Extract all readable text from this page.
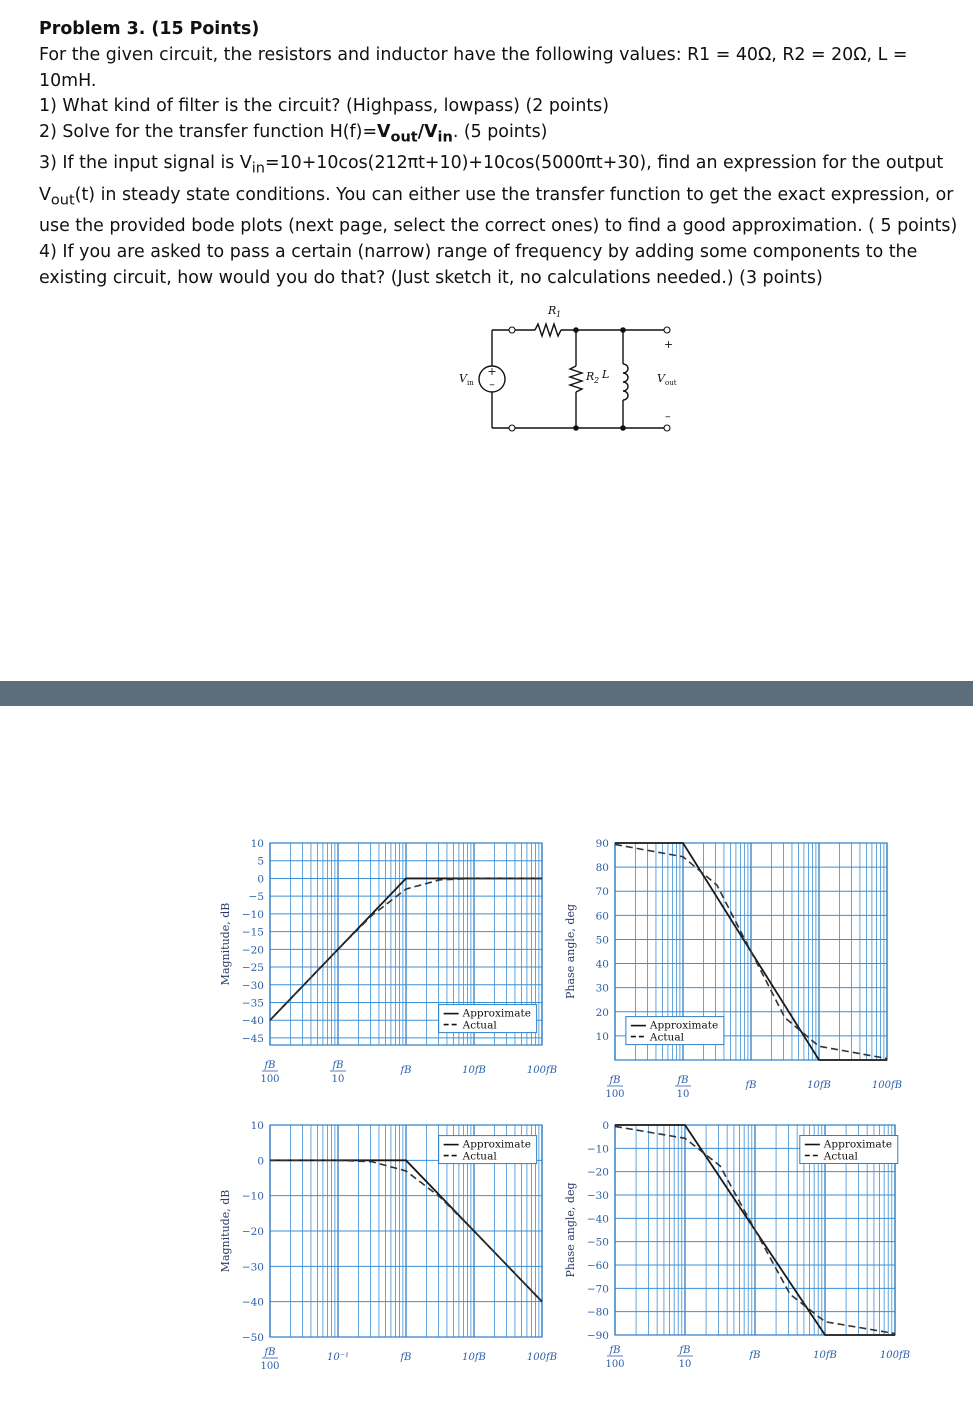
Problem 3. (15 Points)

For the given circuit, the resistors and inductor have the following values: R1 = 40Ω, R2 = 20Ω, L = 10mH.

1) What kind of filter is the circuit? (Highpass, lowpass) (2 points)

2) Solve for the transfer function $H(f)=V_{out}/V_{in}$. (5 points)

3) If the input signal is $V_{in}=10+10\cos(212\pi t+10)+10\cos(5000\pi t+30)$, find an expression for the output

$V_{out}(t)$ in steady state conditions. You can either use the transfer function to get the exact expression, or

use the provided bode plots (next page, select the correct ones) to find a good approximation. ( 5 points)

4) If you are asked to pass a certain (narrow) range of frequency by adding some components to the

existing circuit, how would you do that? (Just sketch it, no calculations needed.) (3 points)

+
–
R 1
R 2 L
V in
+
V out
–
10
5
0
−5
−10
−15
−20
−25
−30
−35
−40
−45
Magnitude, dB
fB
100
fB
10
fB	10fB	100fB
Approximate
Actual
90
80
70
60
50
40
30
20
10
Phase angle, deg
fB
100
fB
10
fB	10fB	100fB
Approximate
Actual
10
0
−10
−20
−30
−40
−50
Magnitude, dB
fB
100
10⁻¹	fB	10fB	100fB
Approximate
Actual
0
−10
−20
−30
−40
−50
−60
−70
−80
−90
Phase angle, deg
fB
100
fB
10
fB	10fB	100fB
Approximate
Actual
